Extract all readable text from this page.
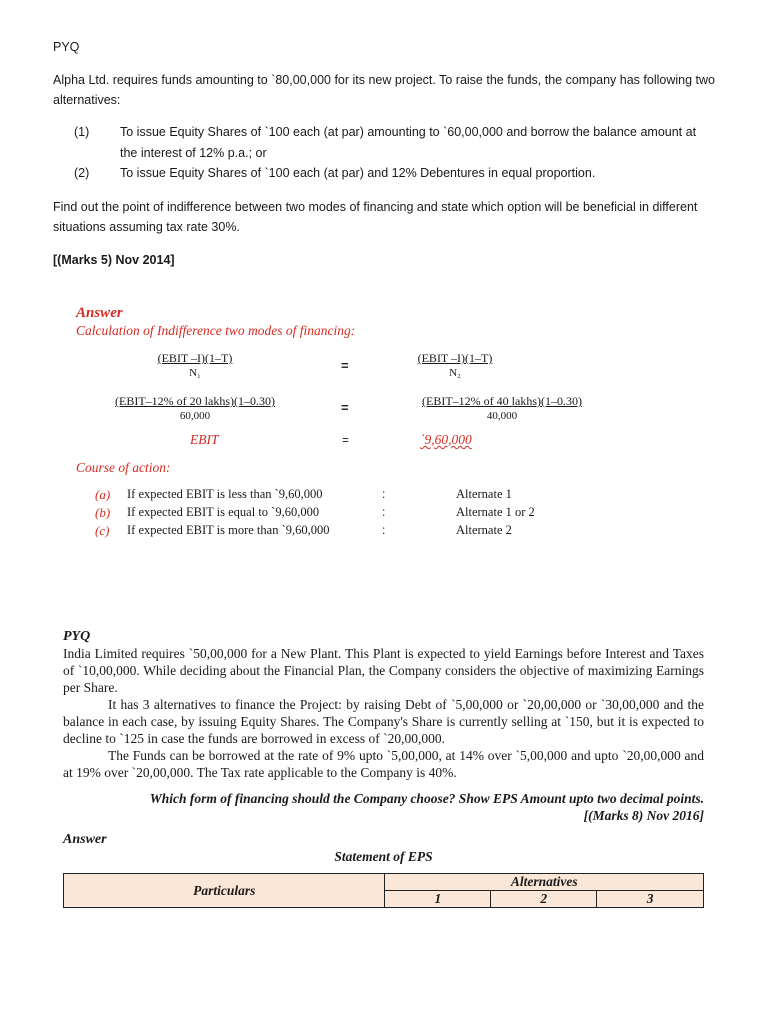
PYQ
Alpha Ltd. requires funds amounting to `80,00,000 for its new project. To raise the funds, the company has following two alternatives:
(1) To issue Equity Shares of `100 each (at par) amounting to `60,00,000 and borrow the balance amount at
the interest of 12% p.a.; or
(2) To issue Equity Shares of `100 each (at par) and 12% Debentures in equal proportion.
Find out the point of indifference between two modes of financing and state which option will be beneficial in different situations assuming tax rate 30%.
[(Marks 5) Nov 2014]
Answer
Calculation of Indifference two modes of financing:
(EBIT –I)(1–T)
N₁	=	(EBIT –I)(1–T)
N₂
(EBIT–12% of 20 lakhs)(1–0.30)
60,000
=	(EBIT–12% of 40 lakhs)(1–0.30)
40,000
EBIT	=	`9,60,000
Course of action:
(a) If expected EBIT is less than `9,60,000	:	Alternate 1
(b) If expected EBIT is equal to `9,60,000	:	Alternate 1 or 2
(c) If expected EBIT is more than `9,60,000	:	Alternate 2
PYQ
India Limited requires `50,00,000 for a New Plant. This Plant is expected to yield Earnings before Interest and Taxes of `10,00,000. While deciding about the Financial Plan, the Company considers the objective of maximizing Earnings per Share.
It has 3 alternatives to finance the Project: by raising Debt of `5,00,000 or `20,00,000 or `30,00,000 and the balance in each case, by issuing Equity Shares. The Company's Share is currently selling at `150, but it is expected to decline to `125 in case the funds are borrowed in excess of `20,00,000.
The Funds can be borrowed at the rate of 9% upto `5,00,000, at 14% over `5,00,000 and upto `20,00,000 and at 19% over `20,00,000. The Tax rate applicable to the Company is 40%.
Which form of financing should the Company choose? Show EPS Amount upto two decimal points.
[(Marks 8) Nov 2016]
Answer
Statement of EPS
Particulars	Alternatives		
	1	2	3
